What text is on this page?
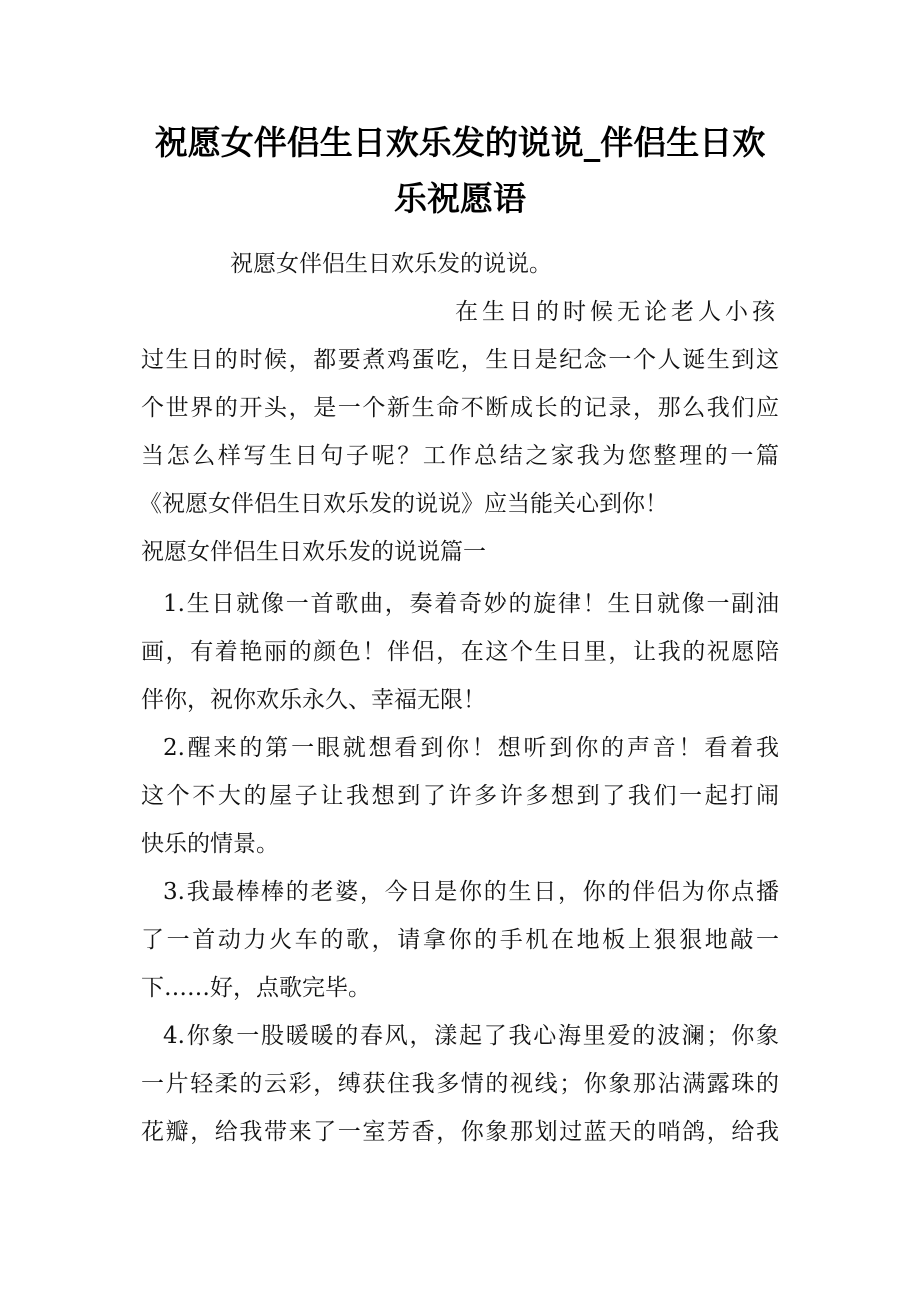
祝愿女伴侣生日欢乐发的说说_伴侣生日欢
乐祝愿语

祝愿女伴侣生日欢乐发的说说。

在生日的时候无论老人小孩

过生日的时候，都要煮鸡蛋吃，生日是纪念一个人诞生到这

个世界的开头，是一个新生命不断成长的记录，那么我们应

当怎么样写生日句子呢？工作总结之家我为您整理的一篇

《祝愿女伴侣生日欢乐发的说说》应当能关心到你！

祝愿女伴侣生日欢乐发的说说篇一

1.生日就像一首歌曲，奏着奇妙的旋律！生日就像一副油

画，有着艳丽的颜色！伴侣，在这个生日里，让我的祝愿陪

伴你，祝你欢乐永久、幸福无限！

2.醒来的第一眼就想看到你！想听到你的声音！看着我

这个不大的屋子让我想到了许多许多想到了我们一起打闹

快乐的情景。

3.我最棒棒的老婆，今日是你的生日，你的伴侣为你点播

了一首动力火车的歌，请拿你的手机在地板上狠狠地敲一

下……好，点歌完毕。

4.你象一股暖暖的春风，漾起了我心海里爱的波澜；你象

一片轻柔的云彩，缚获住我多情的视线；你象那沾满露珠的

花瓣，给我带来了一室芳香，你象那划过蓝天的哨鸽，给我
